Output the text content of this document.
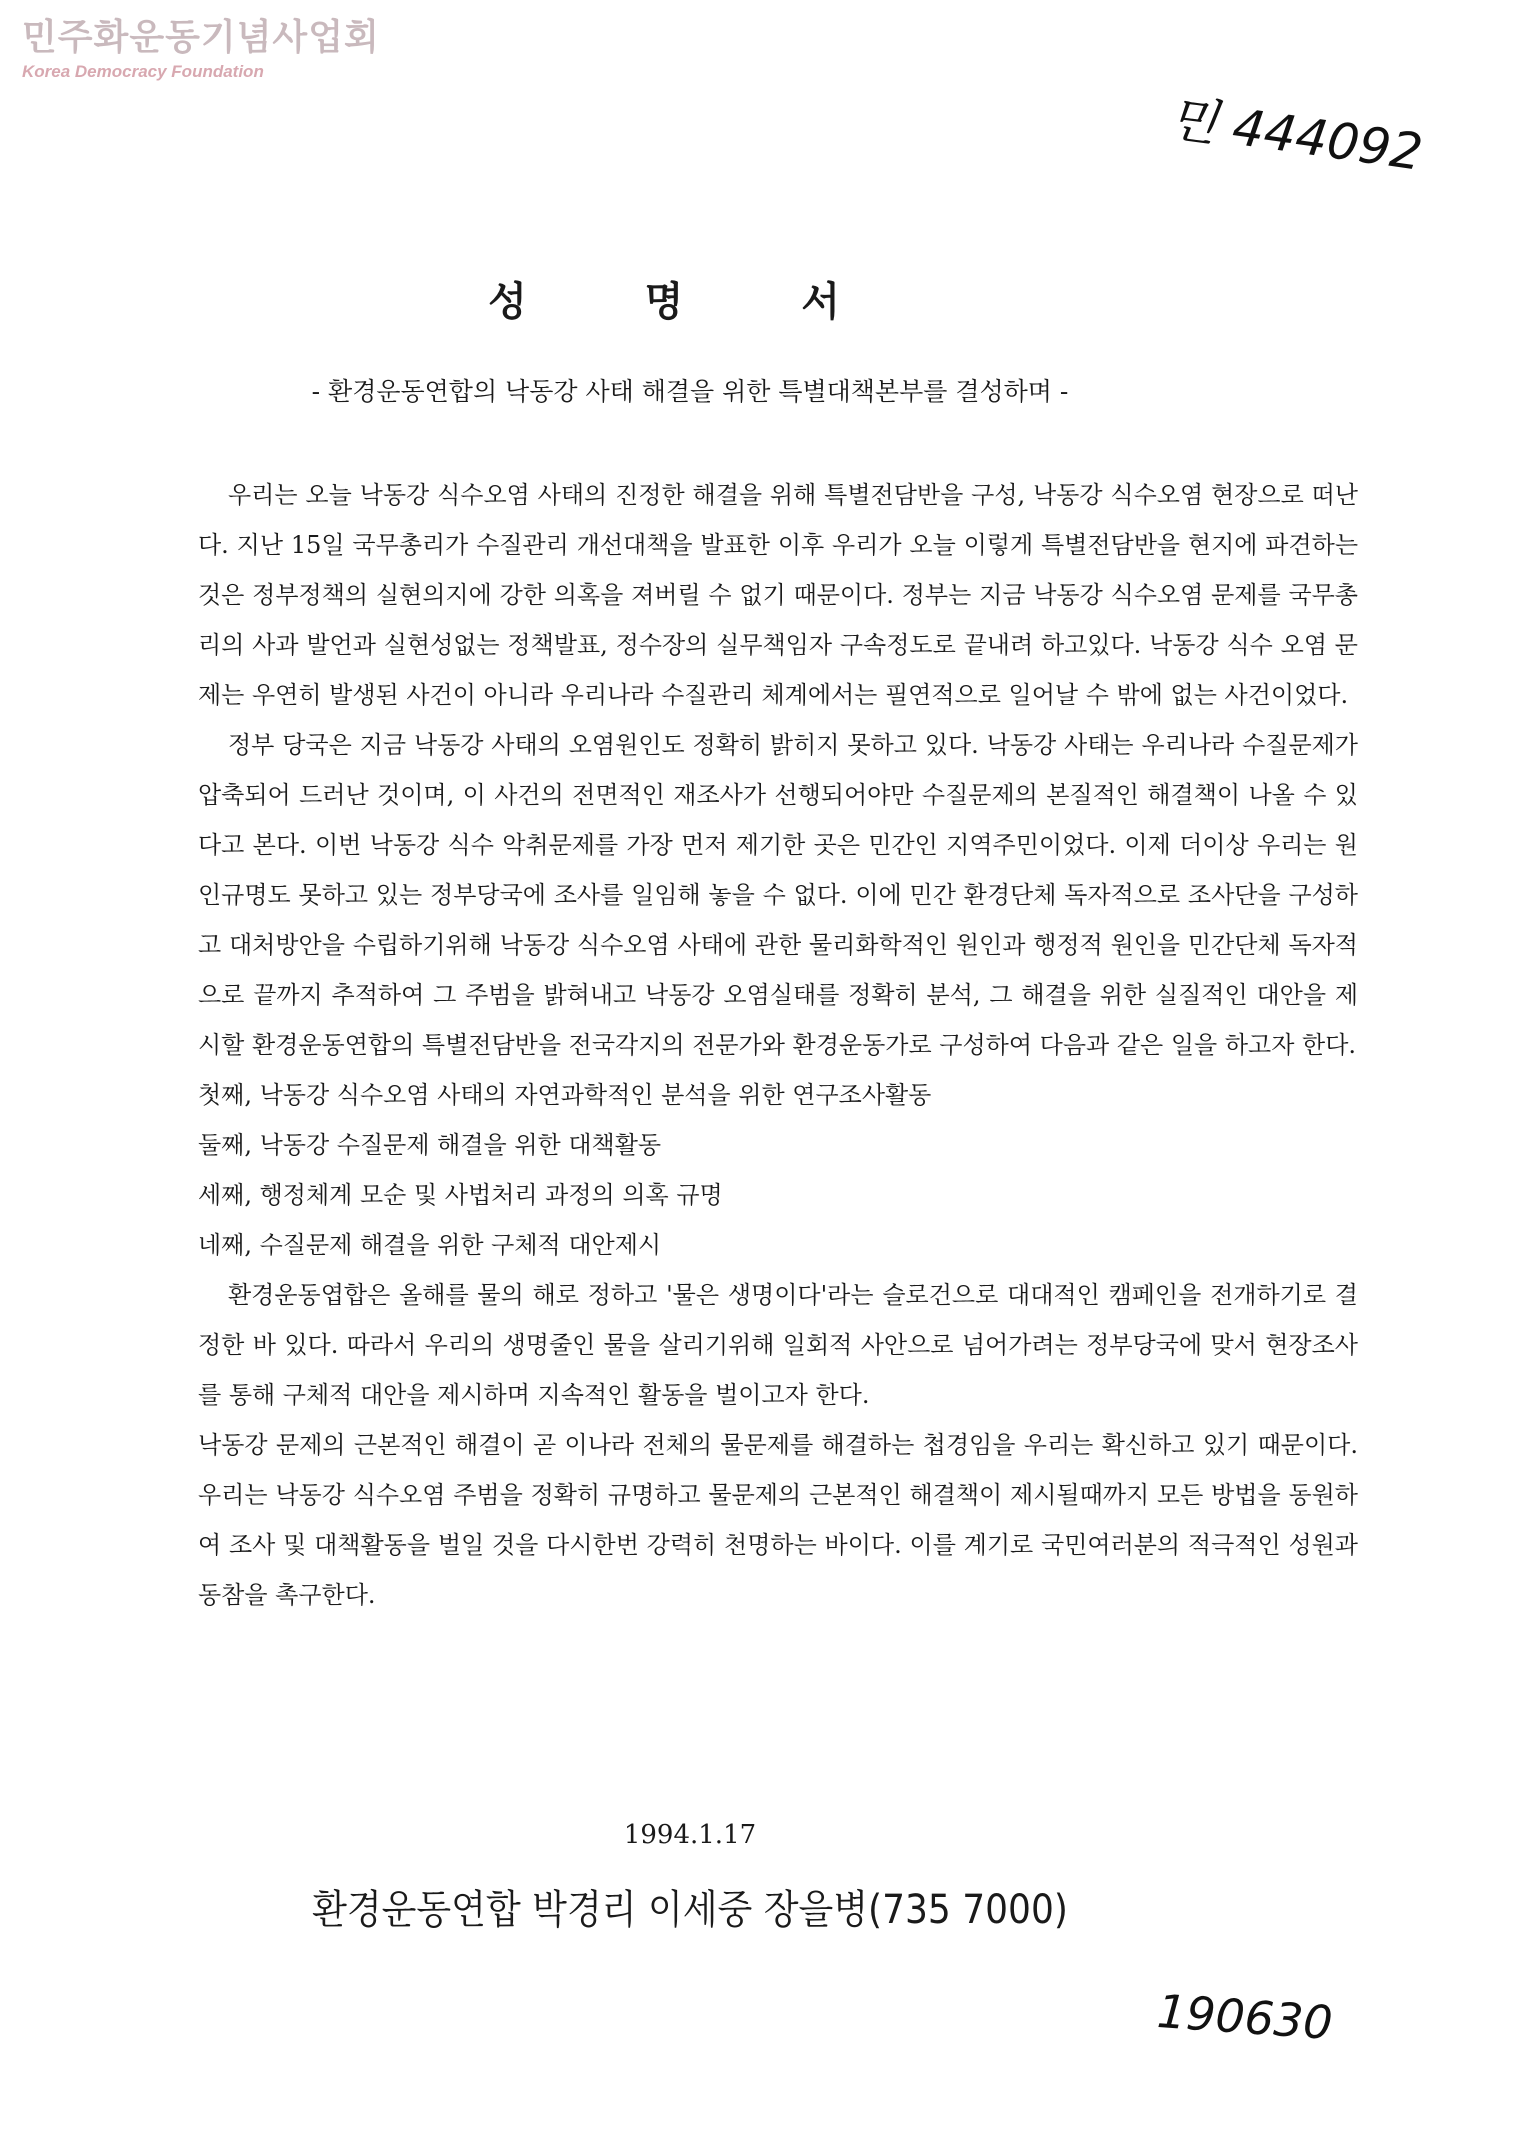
민주화운동기념사업회
Korea Democracy Foundation
민 444092
성 명 서
- 환경운동연합의 낙동강 사태 해결을 위한 특별대책본부를 결성하며 -

우리는 오늘 낙동강 식수오염 사태의 진정한 해결을 위해 특별전담반을 구성, 낙동강 식수오염 현장으로 떠난다. 지난 15일 국무총리가 수질관리 개선대책을 발표한 이후 우리가 오늘 이렇게 특별전담반을 현지에 파견하는 것은 정부정책의 실현의지에 강한 의혹을 져버릴 수 없기 때문이다. 정부는 지금 낙동강 식수오염 문제를 국무총리의 사과 발언과 실현성없는 정책발표, 정수장의 실무책임자 구속정도로 끝내려 하고있다. 낙동강 식수 오염 문제는 우연히 발생된 사건이 아니라 우리나라 수질관리 체계에서는 필연적으로 일어날 수 밖에 없는 사건이었다.

정부 당국은 지금 낙동강 사태의 오염원인도 정확히 밝히지 못하고 있다. 낙동강 사태는 우리나라 수질문제가 압축되어 드러난 것이며, 이 사건의 전면적인 재조사가 선행되어야만 수질문제의 본질적인 해결책이 나올 수 있다고 본다. 이번 낙동강 식수 악취문제를 가장 먼저 제기한 곳은 민간인 지역주민이었다. 이제 더이상 우리는 원인규명도 못하고 있는 정부당국에 조사를 일임해 놓을 수 없다. 이에 민간 환경단체 독자적으로 조사단을 구성하고 대처방안을 수립하기위해 낙동강 식수오염 사태에 관한 물리화학적인 원인과 행정적 원인을 민간단체 독자적으로 끝까지 추적하여 그 주범을 밝혀내고 낙동강 오염실태를 정확히 분석, 그 해결을 위한 실질적인 대안을 제시할 환경운동연합의 특별전담반을 전국각지의 전문가와 환경운동가로 구성하여 다음과 같은 일을 하고자 한다.

첫째, 낙동강 식수오염 사태의 자연과학적인 분석을 위한 연구조사활동

둘째, 낙동강 수질문제 해결을 위한 대책활동

세째, 행정체계 모순 및 사법처리 과정의 의혹 규명

네째, 수질문제 해결을 위한 구체적 대안제시

환경운동엽합은 올해를 물의 해로 정하고 '물은 생명이다'라는 슬로건으로 대대적인 캠페인을 전개하기로 결정한 바 있다. 따라서 우리의 생명줄인 물을 살리기위해 일회적 사안으로 넘어가려는 정부당국에 맞서 현장조사를 통해 구체적 대안을 제시하며 지속적인 활동을 벌이고자 한다.

낙동강 문제의 근본적인 해결이 곧 이나라 전체의 물문제를 해결하는 첩경임을 우리는 확신하고 있기 때문이다. 우리는 낙동강 식수오염 주범을 정확히 규명하고 물문제의 근본적인 해결책이 제시될때까지 모든 방법을 동원하여 조사 및 대책활동을 벌일 것을 다시한번 강력히 천명하는 바이다. 이를 계기로 국민여러분의 적극적인 성원과 동참을 촉구한다.

1994.1.17
환경운동연합 박경리 이세중 장을병(735 7000)
190630
